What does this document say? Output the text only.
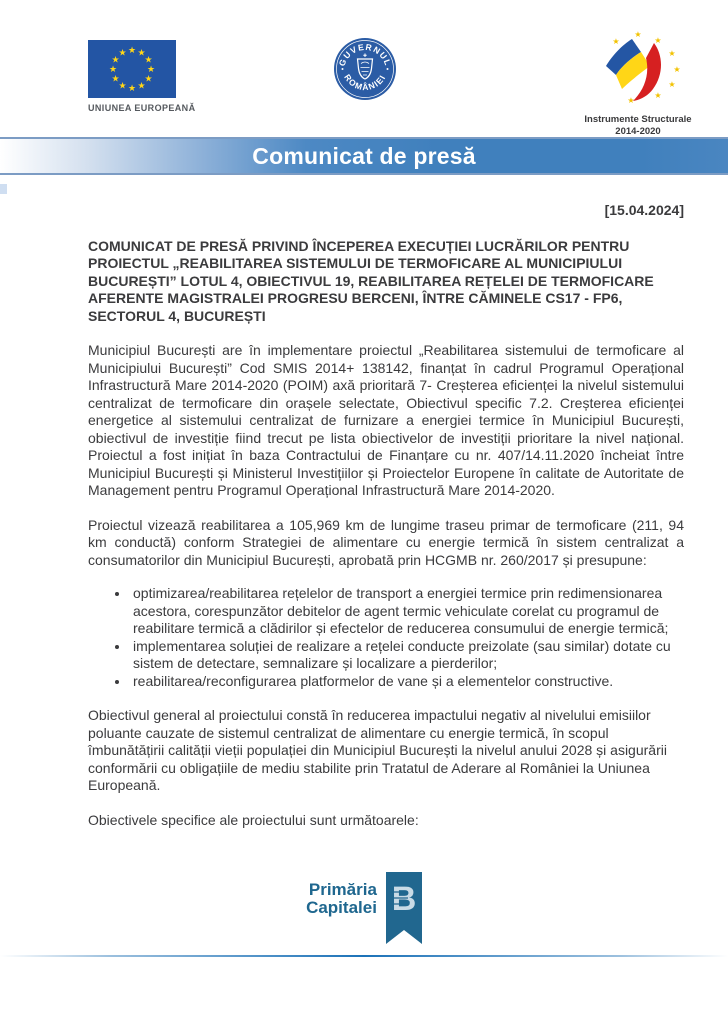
★ ★
★
★
★
★
★
★
★
★
★
★
UNIUNEA EUROPEANĂ
GUVERNUL
ROMÂNIEI
★
★
★
★
★
★
★
★
Instrumente Structurale
2014-2020
Comunicat de presă
[15.04.2024]
COMUNICAT DE PRESĂ PRIVIND ÎNCEPEREA EXECUȚIEI LUCRĂRILOR PENTRU PROIECTUL „REABILITAREA SISTEMULUI DE TERMOFICARE AL MUNICIPIULUI BUCUREȘTI” LOTUL 4, OBIECTIVUL 19, REABILITAREA REȚELEI DE TERMOFICARE AFERENTE MAGISTRALEI PROGRESU BERCENI, ÎNTRE CĂMINELE CS17 - FP6, SECTORUL 4, BUCUREȘTI

Municipiul București are în implementare proiectul „Reabilitarea sistemului de termoficare al Municipiului București” Cod SMIS 2014+ 138142, finanțat în cadrul Programul Operațional Infrastructură Mare 2014-2020 (POIM) axă prioritară 7- Creșterea eficienței la nivelul sistemului centralizat de termoficare din orașele selectate, Obiectivul specific 7.2. Creșterea eficienței energetice al sistemului centralizat de furnizare a energiei termice în Municipiul București, obiectivul de investiție fiind trecut pe lista obiectivelor de investiții prioritare la nivel național. Proiectul a fost inițiat în baza Contractului de Finanțare cu nr. 407/14.11.2020 încheiat între Municipiul București și Ministerul Investițiilor și Proiectelor Europene în calitate de Autoritate de Management pentru Programul Operațional Infrastructură Mare 2014-2020.

Proiectul vizează reabilitarea a 105,969 km de lungime traseu primar de termoficare (211, 94 km conductă) conform Strategiei de alimentare cu energie termică în sistem centralizat a consumatorilor din Municipiul București, aprobată prin HCGMB nr. 260/2017 și presupune:

• optimizarea/reabilitarea rețelelor de transport a energiei termice prin redimensionarea acestora, corespunzător debitelor de agent termic vehiculate corelat cu programul de reabilitare termică a clădirilor și efectelor de reducerea consumului de energie termică;
• implementarea soluției de realizare a rețelei conducte preizolate (sau similar) dotate cu sistem de detectare, semnalizare și localizare a pierderilor;
• reabilitarea/reconfigurarea platformelor de vane și a elementelor constructive.

Obiectivul general al proiectului constă în reducerea impactului negativ al nivelului emisiilor poluante cauzate de sistemul centralizat de alimentare cu energie termică, în scopul îmbunătățirii calității vieții populației din Municipiul București la nivelul anului 2028 și asigurării conformării cu obligațiile de mediu stabilite prin Tratatul de Aderare al României la Uniunea Europeană.

Obiectivele specifice ale proiectului sunt următoarele:

Primăria
Capitalei B
